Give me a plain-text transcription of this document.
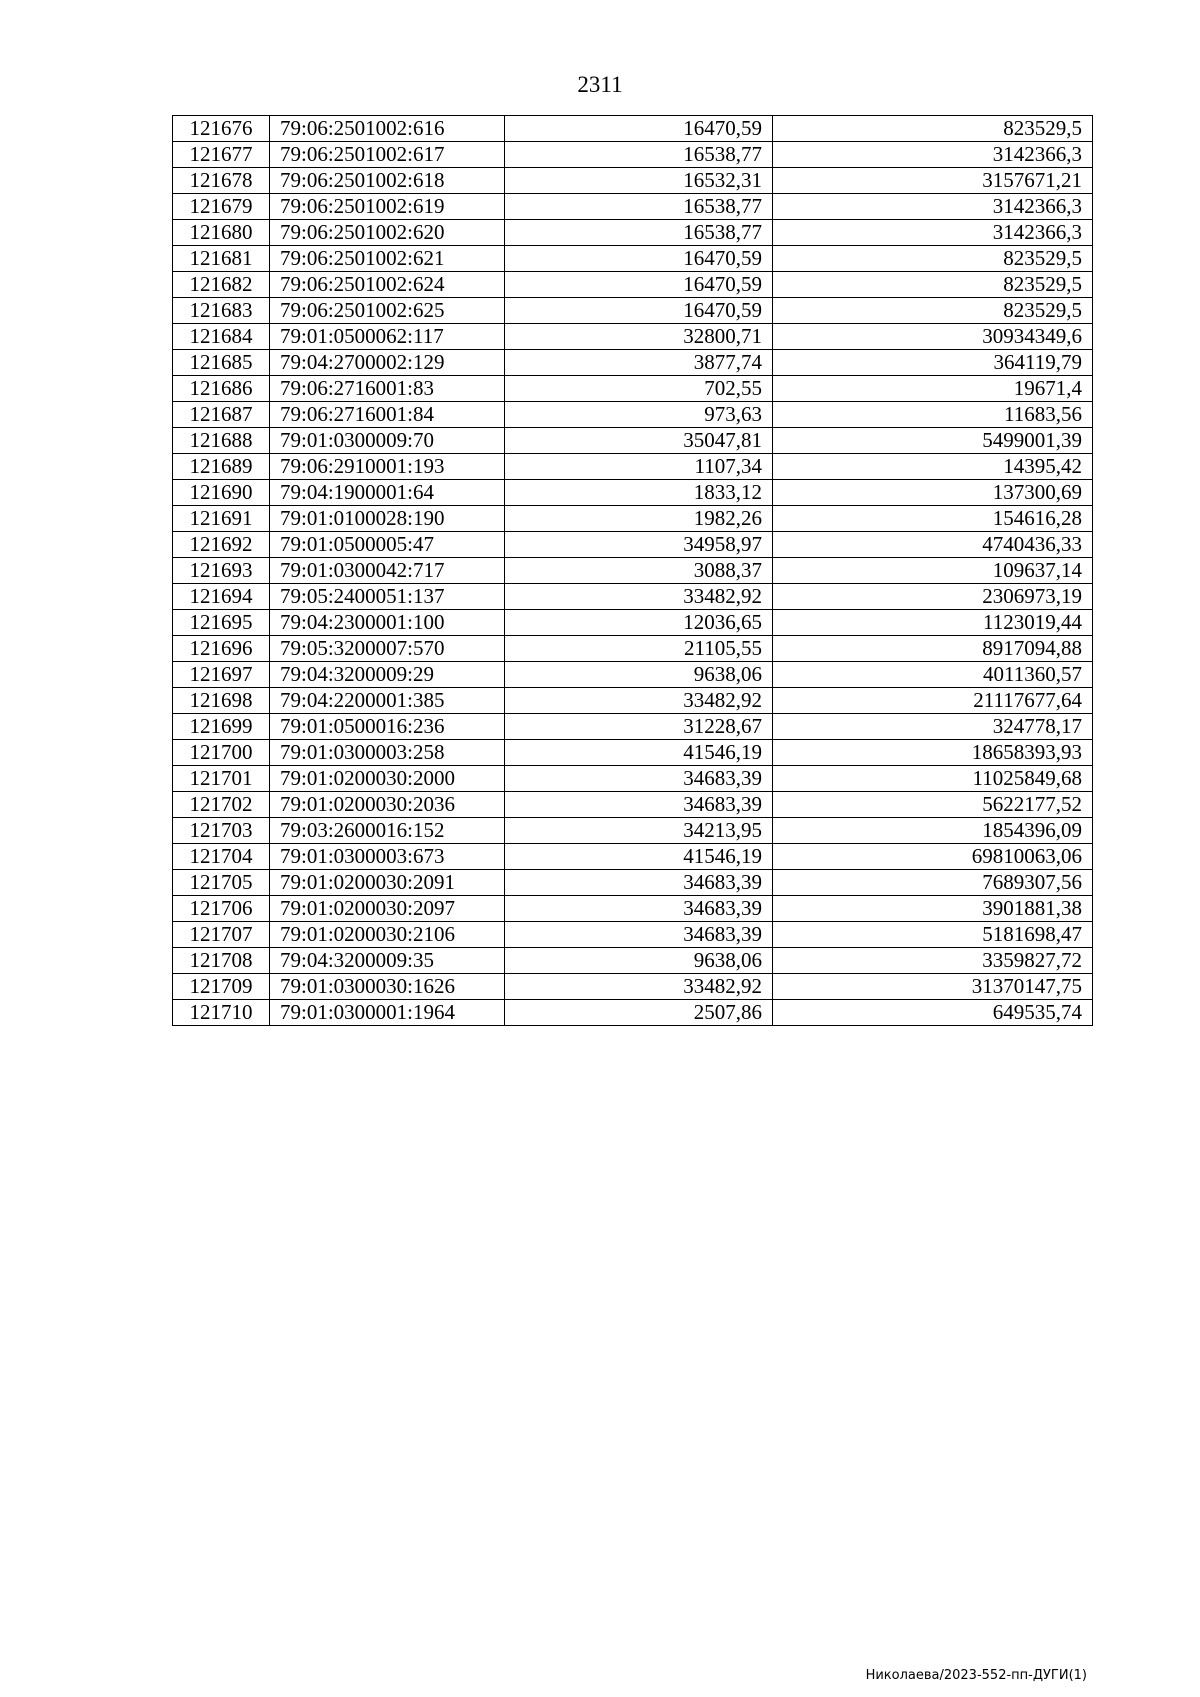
2311
121676	79:06:2501002:616	16470,59	823529,5
121677	79:06:2501002:617	16538,77	3142366,3
121678	79:06:2501002:618	16532,31	3157671,21
121679	79:06:2501002:619	16538,77	3142366,3
121680	79:06:2501002:620	16538,77	3142366,3
121681	79:06:2501002:621	16470,59	823529,5
121682	79:06:2501002:624	16470,59	823529,5
121683	79:06:2501002:625	16470,59	823529,5
121684	79:01:0500062:117	32800,71	30934349,6
121685	79:04:2700002:129	3877,74	364119,79
121686	79:06:2716001:83	702,55	19671,4
121687	79:06:2716001:84	973,63	11683,56
121688	79:01:0300009:70	35047,81	5499001,39
121689	79:06:2910001:193	1107,34	14395,42
121690	79:04:1900001:64	1833,12	137300,69
121691	79:01:0100028:190	1982,26	154616,28
121692	79:01:0500005:47	34958,97	4740436,33
121693	79:01:0300042:717	3088,37	109637,14
121694	79:05:2400051:137	33482,92	2306973,19
121695	79:04:2300001:100	12036,65	1123019,44
121696	79:05:3200007:570	21105,55	8917094,88
121697	79:04:3200009:29	9638,06	4011360,57
121698	79:04:2200001:385	33482,92	21117677,64
121699	79:01:0500016:236	31228,67	324778,17
121700	79:01:0300003:258	41546,19	18658393,93
121701	79:01:0200030:2000	34683,39	11025849,68
121702	79:01:0200030:2036	34683,39	5622177,52
121703	79:03:2600016:152	34213,95	1854396,09
121704	79:01:0300003:673	41546,19	69810063,06
121705	79:01:0200030:2091	34683,39	7689307,56
121706	79:01:0200030:2097	34683,39	3901881,38
121707	79:01:0200030:2106	34683,39	5181698,47
121708	79:04:3200009:35	9638,06	3359827,72
121709	79:01:0300030:1626	33482,92	31370147,75
121710	79:01:0300001:1964	2507,86	649535,74
Николаева/2023-552-пп-ДУГИ(1)
